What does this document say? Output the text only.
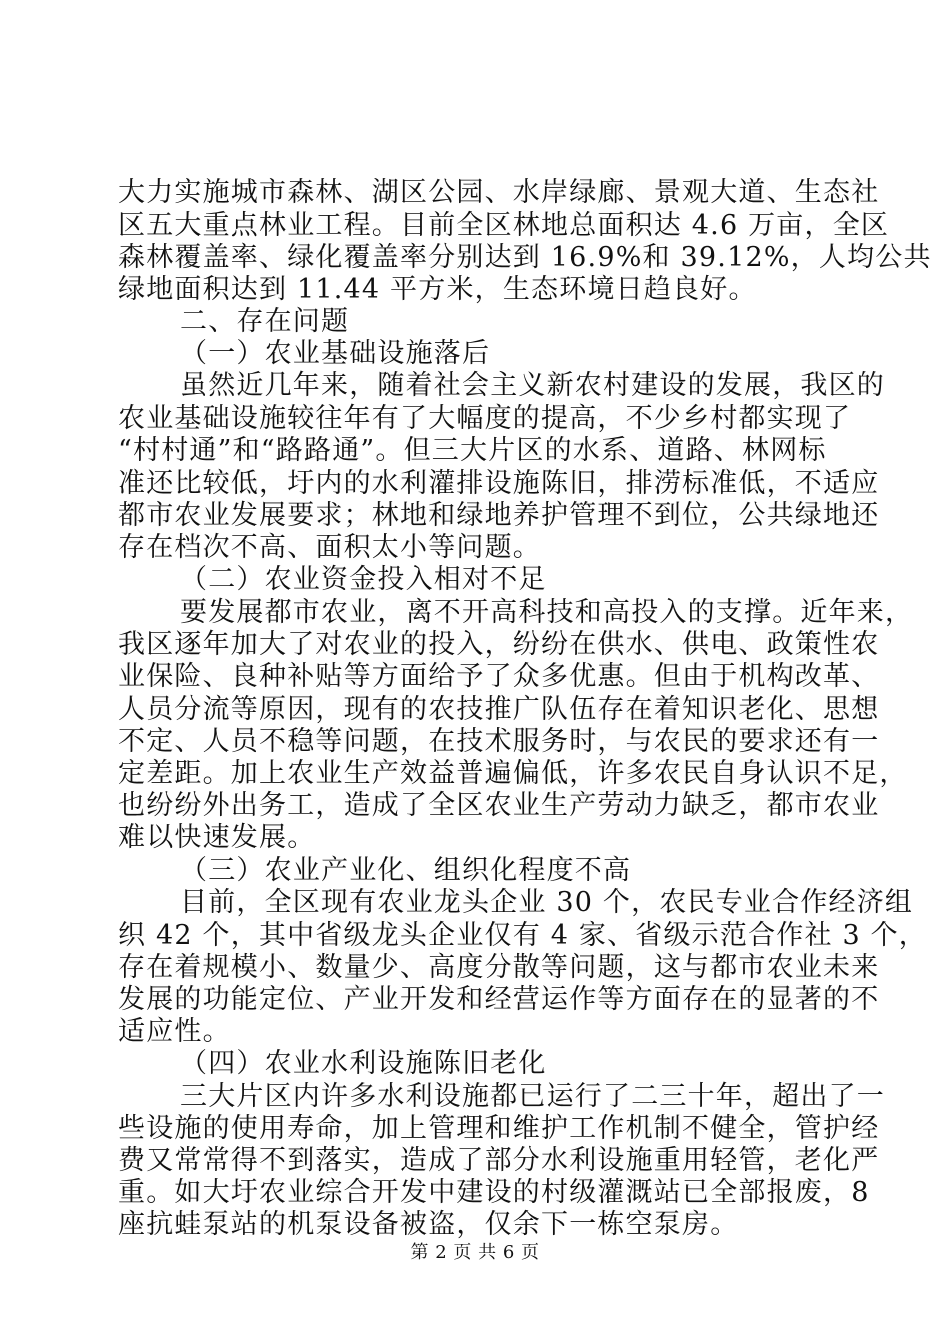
大力实施城市森林、湖区公园、水岸绿廊、景观大道、生态社
区五大重点林业工程。目前全区林地总面积达 4.6 万亩，全区
森林覆盖率、绿化覆盖率分别达到 16.9%和 39.12%，人均公共
绿地面积达到 11.44 平方米，生态环境日趋良好。
二、存在问题
（一）农业基础设施落后
虽然近几年来，随着社会主义新农村建设的发展，我区的
农业基础设施较往年有了大幅度的提高，不少乡村都实现了
“村村通”和“路路通”。但三大片区的水系、道路、林网标
准还比较低，圩内的水利灌排设施陈旧，排涝标准低，不适应
都市农业发展要求；林地和绿地养护管理不到位，公共绿地还
存在档次不高、面积太小等问题。
（二）农业资金投入相对不足
要发展都市农业，离不开高科技和高投入的支撑。近年来，
我区逐年加大了对农业的投入，纷纷在供水、供电、政策性农
业保险、良种补贴等方面给予了众多优惠。但由于机构改革、
人员分流等原因，现有的农技推广队伍存在着知识老化、思想
不定、人员不稳等问题，在技术服务时，与农民的要求还有一
定差距。加上农业生产效益普遍偏低，许多农民自身认识不足，
也纷纷外出务工，造成了全区农业生产劳动力缺乏，都市农业
难以快速发展。
（三）农业产业化、组织化程度不高
目前，全区现有农业龙头企业 30 个，农民专业合作经济组
织 42 个，其中省级龙头企业仅有 4 家、省级示范合作社 3 个，
存在着规模小、数量少、高度分散等问题，这与都市农业未来
发展的功能定位、产业开发和经营运作等方面存在的显著的不
适应性。
（四）农业水利设施陈旧老化
三大片区内许多水利设施都已运行了二三十年，超出了一
些设施的使用寿命，加上管理和维护工作机制不健全，管护经
费又常常得不到落实，造成了部分水利设施重用轻管，老化严
重。如大圩农业综合开发中建设的村级灌溉站已全部报废，8
座抗蛙泵站的机泵设备被盗，仅余下一栋空泵房。
第 2 页 共 6 页
